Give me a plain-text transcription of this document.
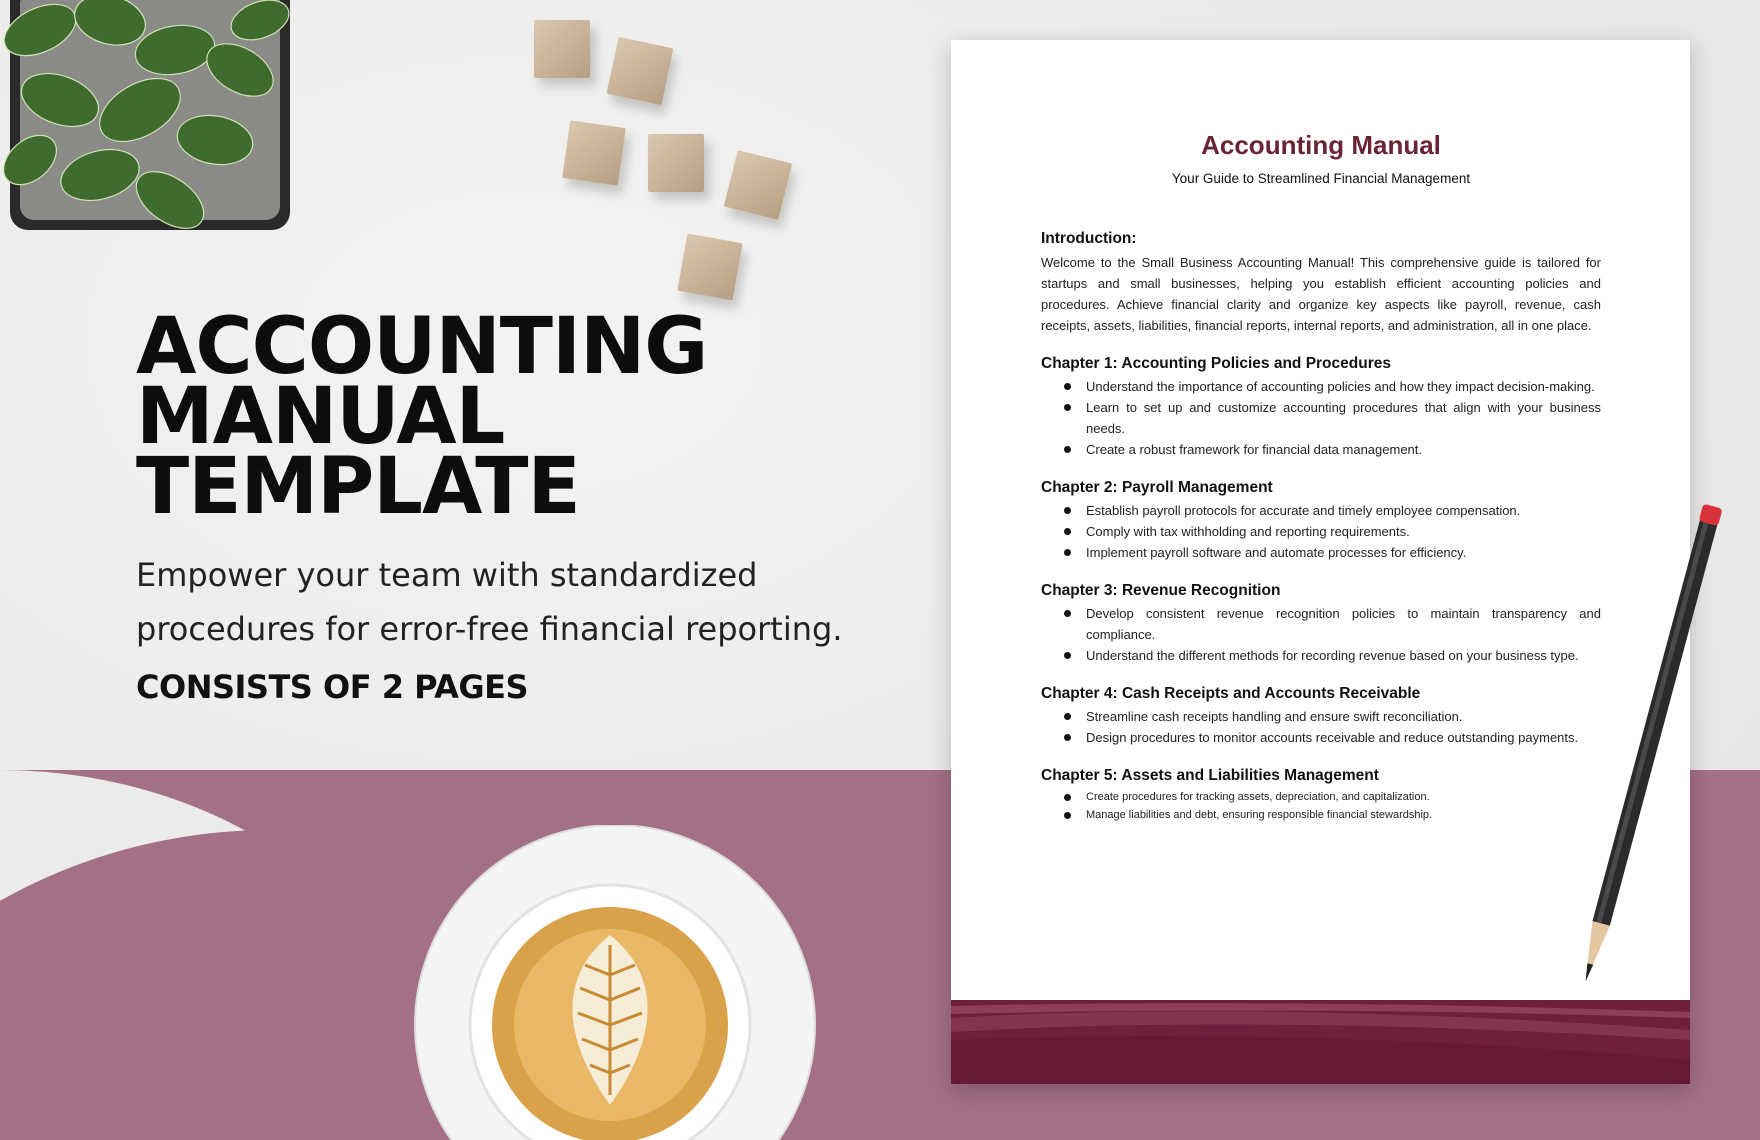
ACCOUNTING
MANUAL
TEMPLATE

Empower your team with standardized procedures for error-free financial reporting.

CONSISTS OF 2 PAGES

Accounting Manual

Your Guide to Streamlined Financial Management

Introduction:

Welcome to the Small Business Accounting Manual! This comprehensive guide is tailored for startups and small businesses, helping you establish efficient accounting policies and procedures. Achieve financial clarity and organize key aspects like payroll, revenue, cash receipts, assets, liabilities, financial reports, internal reports, and administration, all in one place.

Chapter 1: Accounting Policies and Procedures
Understand the importance of accounting policies and how they impact decision-making.
Learn to set up and customize accounting procedures that align with your business needs.
Create a robust framework for financial data management.
Chapter 2: Payroll Management
Establish payroll protocols for accurate and timely employee compensation.
Comply with tax withholding and reporting requirements.
Implement payroll software and automate processes for efficiency.
Chapter 3: Revenue Recognition
Develop consistent revenue recognition policies to maintain transparency and compliance.
Understand the different methods for recording revenue based on your business type.
Chapter 4: Cash Receipts and Accounts Receivable
Streamline cash receipts handling and ensure swift reconciliation.
Design procedures to monitor accounts receivable and reduce outstanding payments.
Chapter 5: Assets and Liabilities Management
Create procedures for tracking assets, depreciation, and capitalization.
Manage liabilities and debt, ensuring responsible financial stewardship.
